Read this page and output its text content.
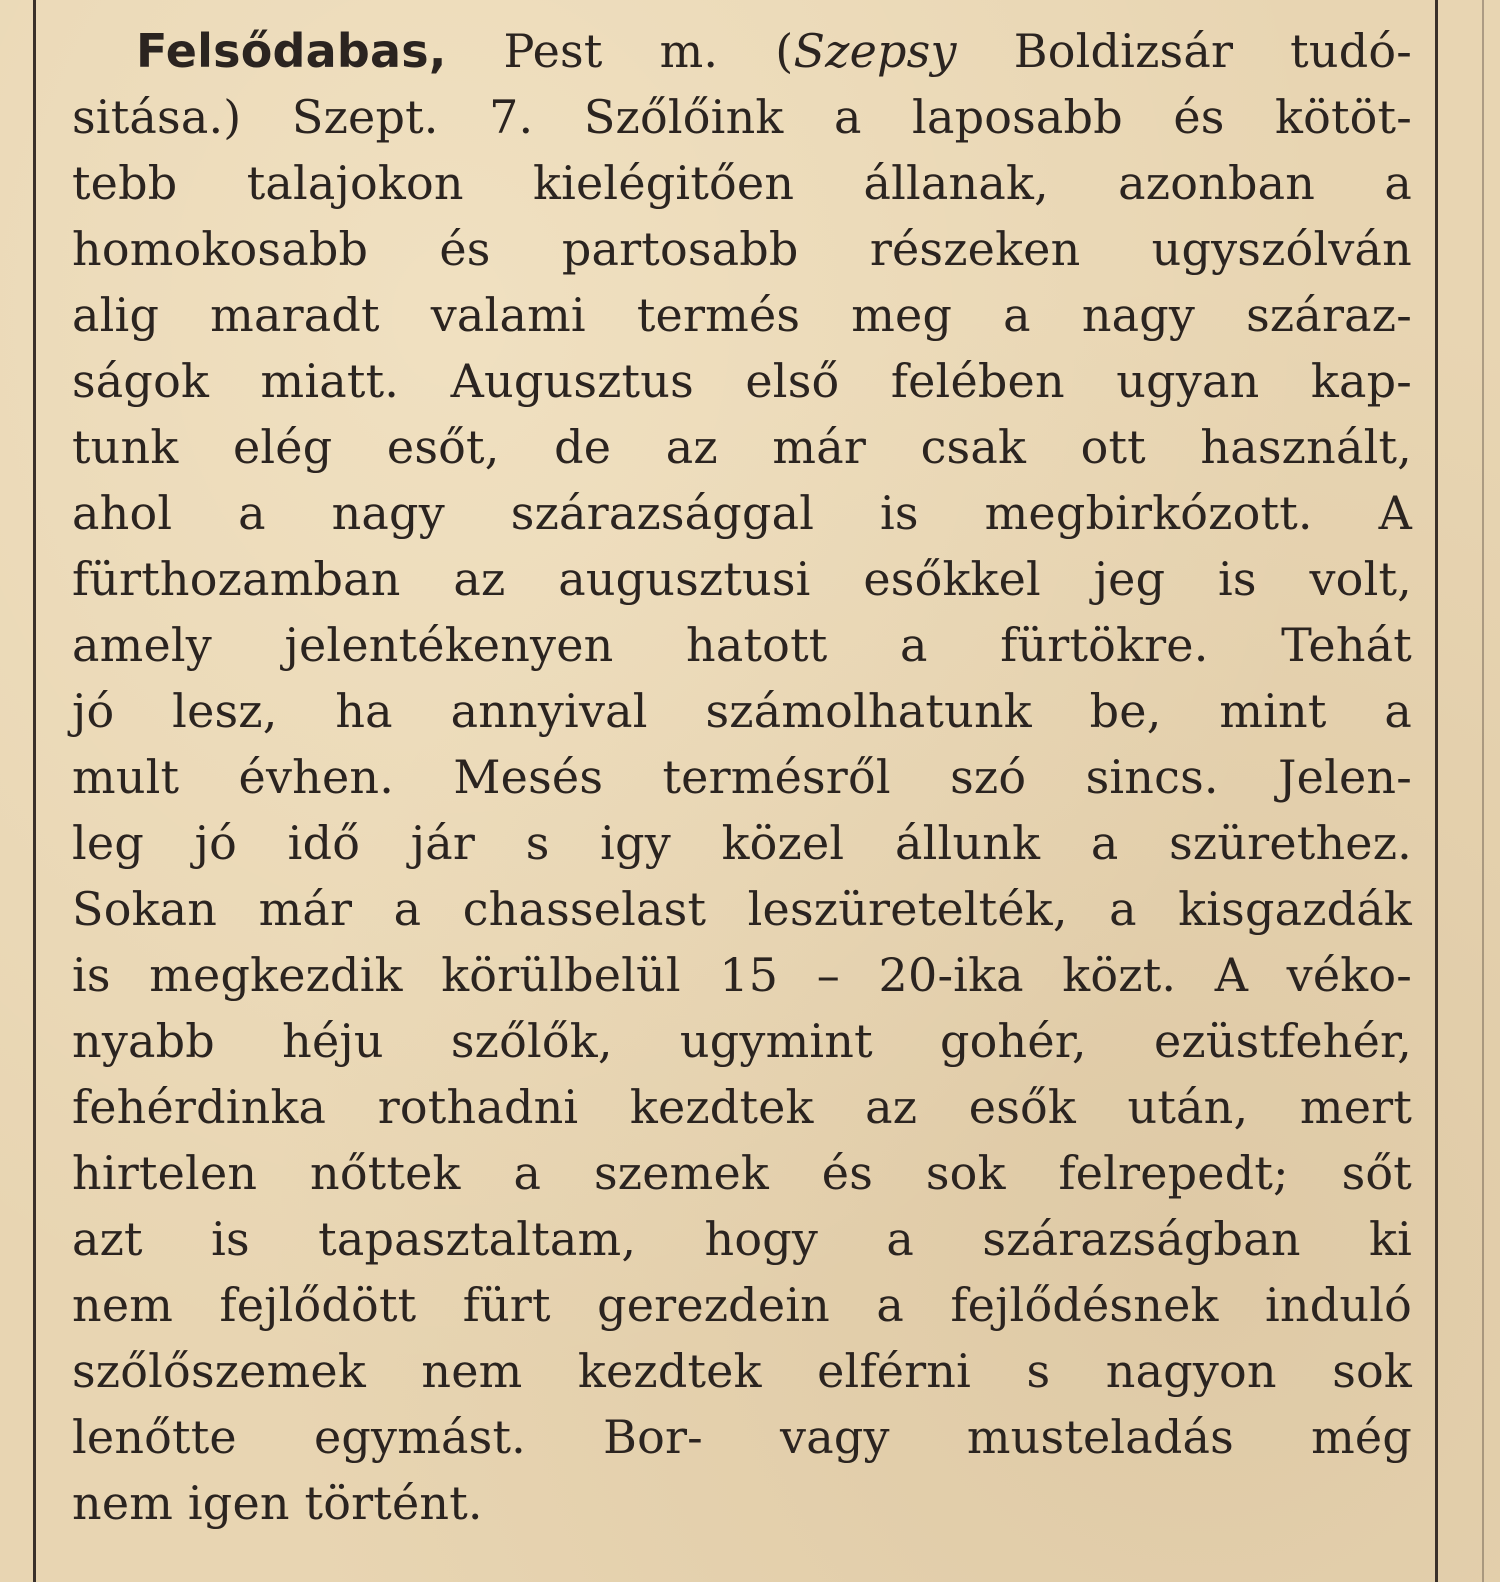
Felsődabas, Pest m. (Szepsy Boldizsár tudó-
sitása.) Szept. 7. Szőlőink a laposabb és kötöt-
tebb talajokon kielégitően állanak, azonban a
homokosabb és partosabb részeken ugyszólván
alig maradt valami termés meg a nagy száraz-
ságok miatt. Augusztus első felében ugyan kap-
tunk elég esőt, de az már csak ott használt,
ahol a nagy szárazsággal is megbirkózott. A
fürthozamban az augusztusi esőkkel jeg is volt,
amely jelentékenyen hatott a fürtökre. Tehát
jó lesz, ha annyival számolhatunk be, mint a
mult évhen. Mesés termésről szó sincs. Jelen-
leg jó idő jár s igy közel állunk a szürethez.
Sokan már a chasselast leszüretelték, a kisgazdák
is megkezdik körülbelül 15 – 20-ika közt. A véko-
nyabb héju szőlők, ugymint gohér, ezüstfehér,
fehérdinka rothadni kezdtek az esők után, mert
hirtelen nőttek a szemek és sok felrepedt; sőt
azt is tapasztaltam, hogy a szárazságban ki
nem fejlődött fürt gerezdein a fejlődésnek induló
szőlőszemek nem kezdtek elférni s nagyon sok
lenőtte egymást. Bor- vagy musteladás még
nem igen történt.
